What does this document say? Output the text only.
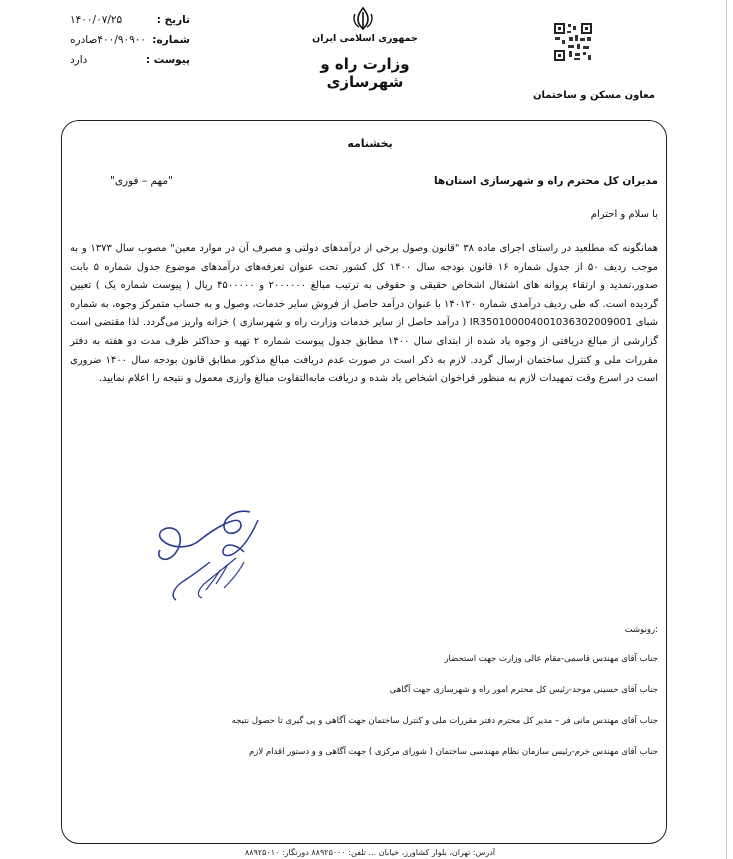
تاریخ :
۱۴۰۰/۰۷/۲۵
شماره:
۴۰۰/۹۰۹۰۰صادره
پیوست :
دارد
جمهوری اسلامی ایران
وزارت راه و شهرسازی
معاون مسکن و ساختمان
بخشنامه
مدیران کل محترم راه و شهرسازی استان‌ها
"مهم – فوری"
با سلام و احترام
همانگونه که مطلعید در راستای اجرای ماده ۳۸ "قانون وصول برخی از درآمدهای دولتی و مصرف آن در موارد معین" مصوب سال ۱۳۷۳ و به موجب ردیف ۵۰ از جدول شماره ۱۶ قانون بودجه سال ۱۴۰۰ کل کشور تحت عنوان تعرفه‌های درآمدهای موضوع جدول شماره ۵ بابت صدور،تمدید و ارتقاء پروانه های اشتغال اشخاص حقیقی و حقوقی به ترتیب مبالغ ۲۰۰۰۰۰۰ و ۴۵۰۰۰۰۰ ریال ( پیوست شماره یک ) تعیین گردیده است. که طی ردیف درآمدی شماره ۱۴۰۱۲۰ با عنوان درآمد حاصل از فروش سایر خدمات، وصول و به حساب متمرکز وجوه، به شماره شبای IR350100004001036302009001 ( درآمد حاصل از سایر خدمات وزارت راه و شهرسازی ) خزانه واریز می‌گردد. لذا مقتضی است گزارشی از مبالغ دریافتی از وجوه یاد شده از ابتدای سال ۱۴۰۰ مطابق جدول پیوست شماره ۲ تهیه و حداکثر ظرف مدت دو هفته به دفتر مقررات ملی و کنترل ساختمان ارسال گردد. لازم به ذکر است در صورت عدم دریافت مبالغ مذکور مطابق قانون بودجه سال ۱۴۰۰ ضروری است در اسرع وقت تمهیدات لازم به منظور فراخوان اشخاص یاد شده و دریافت مابه‌التفاوت مبالغ وارزی معمول و نتیجه را اعلام نمایید.
رونوشت:
جناب آقای مهندس قاسمی-مقام عالی وزارت جهت استحضار
جناب آقای حسینی موحد-رئیس کل محترم امور راه و شهرسازی جهت آگاهی
جناب آقای مهندس مانی فر – مدیر کل محترم دفتر مقررات ملی و کنترل ساختمان جهت آگاهی و پی گیری تا حصول نتیجه
جناب آقای مهندس خرم-رئیس سازمان نظام مهندسی ساختمان ( شورای مرکزی ) جهت آگاهی و و دستور اقدام لازم
آدرس: تهران، بلوار کشاورز، خیابان ... تلفن: ۸۸۹۲۵۰۰۰ دورنگار: ۸۸۹۲۵۰۱۰
